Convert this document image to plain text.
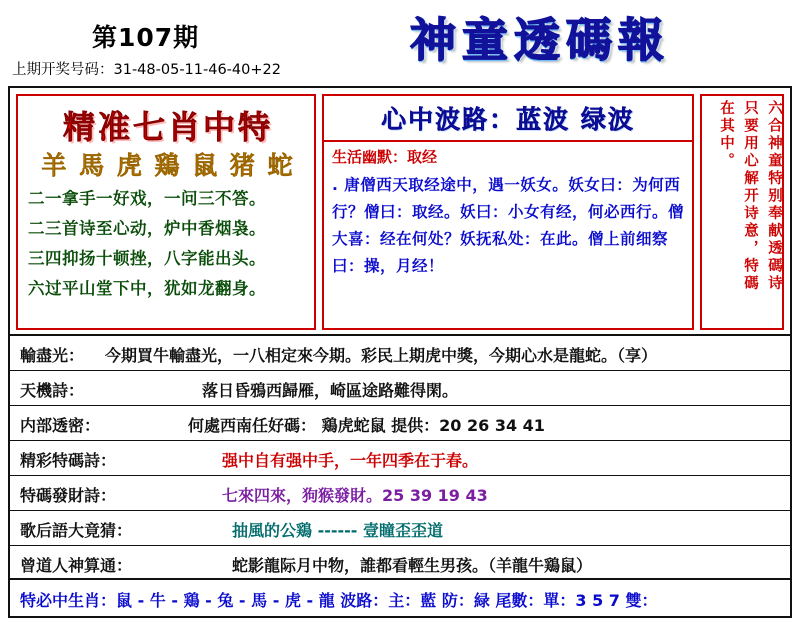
第107期
上期开奖号码：31-48-05-11-46-40+22
神童透碼報
精准七肖中特
羊 馬 虎 鶏 鼠 猪 蛇
二一拿手一好戏，一问三不答。
二三首诗至心动，炉中香烟袅。
三四抑扬十顿挫，八字能出头。
六过平山堂下中，犹如龙翻身。
心中波路：蓝波 绿波
生活幽默：取经
. 唐僧西天取经途中，遇一妖女。妖女曰：为何西行？僧曰：取经。妖曰：小女有经，何必西行。僧大喜：经在何处？妖抚私处：在此。僧上前细察曰：操，月经！	六合神童特别奉献透碼诗
只要用心解开诗意，特碼
在其中。
輸盡光： 今期買牛輸盡光，一八相定來今期。彩民上期虎中獎，今期心水是龍蛇。（享）
天機詩：	落日昏鴉西歸雁，崎區途路難得閑。
内部透密：	何處西南任好碼： 鶏虎蛇鼠 提供：20 26 34 41
精彩特碼詩：	强中自有强中手，一年四季在于春。
特碼發財詩：	七來四來，狗猴發財。25 39 19 43
歌后語大竟猜：	抽風的公鶏 ------ 壹瞳歪歪道
曾道人神算通：	蛇影龍际月中物，誰都看輕生男孩。（羊龍牛鶏鼠）
特必中生肖：鼠 - 牛 - 鶏 - 兔 - 馬 - 虎 - 龍 波路：主：藍 防：緑 尾數：單：3 5 7 雙：
